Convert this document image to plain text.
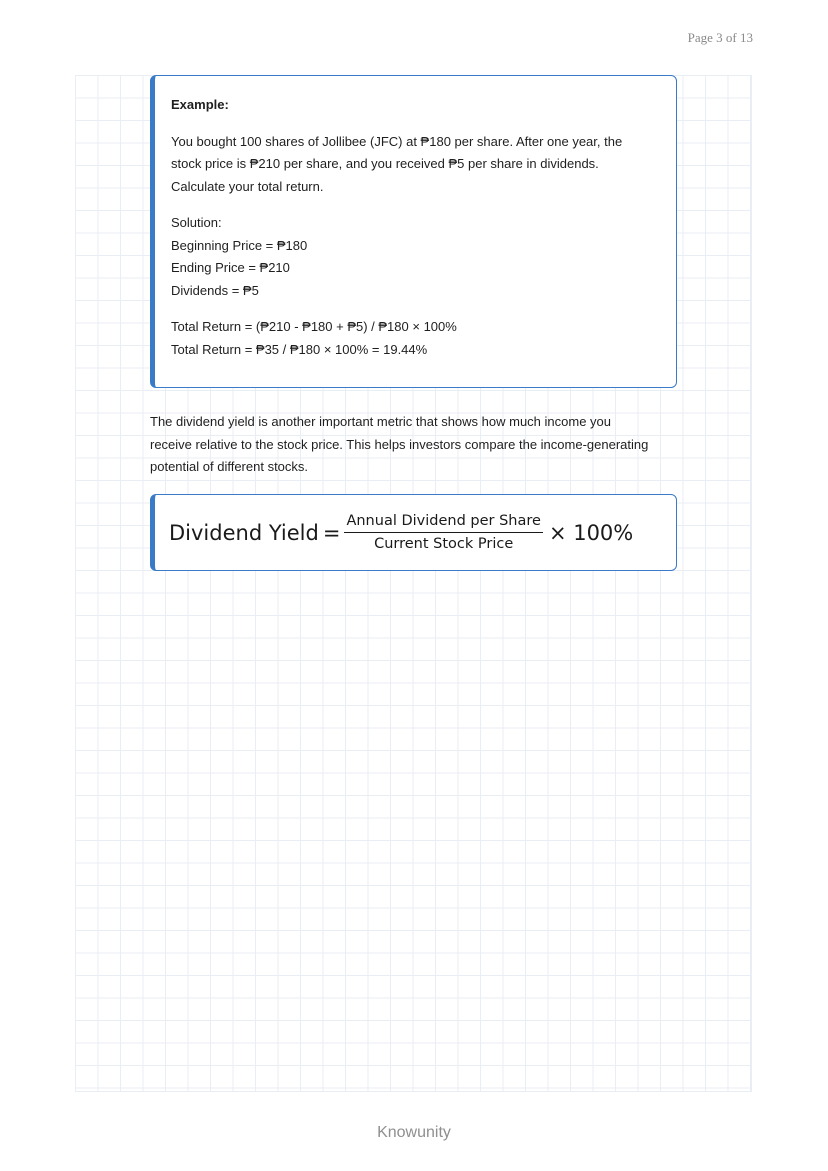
Page 3 of 13
Example:
You bought 100 shares of Jollibee (JFC) at ₱180 per share. After one year, the
stock price is ₱210 per share, and you received ₱5 per share in dividends.
Calculate your total return.
Solution:
Beginning Price = ₱180
Ending Price = ₱210
Dividends = ₱5
Total Return = (₱210 - ₱180 + ₱5) / ₱180 × 100%
Total Return = ₱35 / ₱180 × 100% = 19.44%

The dividend yield is another important metric that shows how much income you
receive relative to the stock price. This helps investors compare the income-generating
potential of different stocks.

Dividend Yield = $\frac{\text{Annual Dividend per Share}}{\text{Current Stock Price}} \times 100\%$
Knowunity
